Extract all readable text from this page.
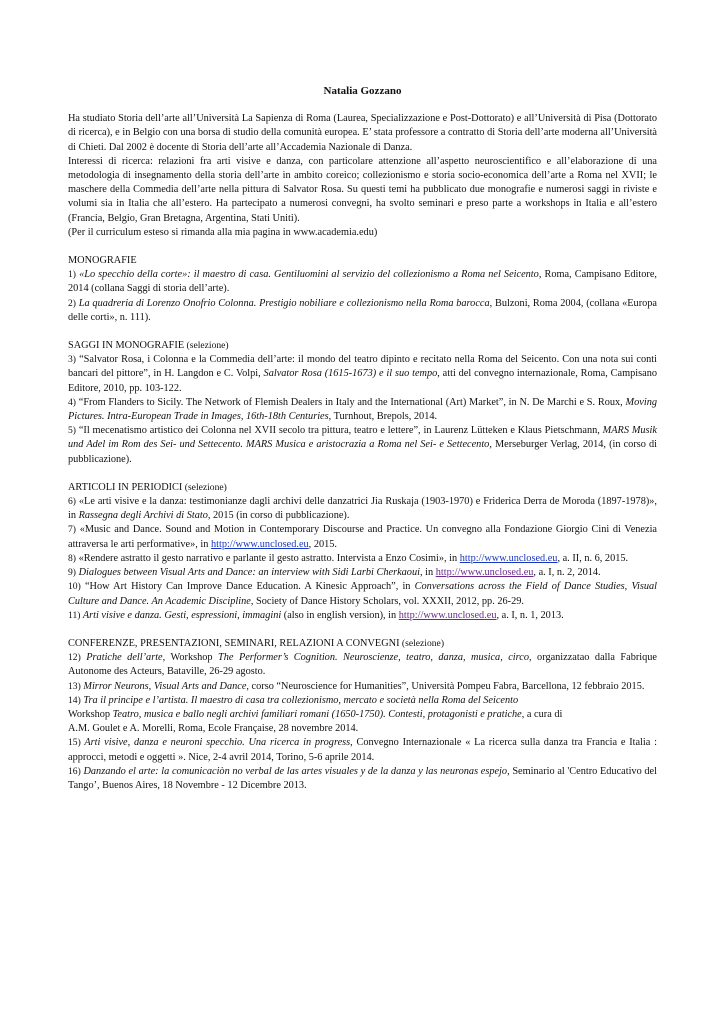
Natalia Gozzano

Ha studiato Storia dell’arte all’Università La Sapienza di Roma (Laurea, Specializzazione e Post-Dottorato) e all’Università di Pisa (Dottorato di ricerca), e in Belgio con una borsa di studio della comunità europea. E’ stata professore a contratto di Storia dell’arte moderna all’Università di Chieti. Dal 2002 è docente di Storia dell’arte all’Accademia Nazionale di Danza.

Interessi di ricerca: relazioni fra arti visive e danza, con particolare attenzione all’aspetto neuroscientifico e all’elaborazione di una metodologia di insegnamento della storia dell’arte in ambito coreico; collezionismo e storia socio-economica dell’arte a Roma nel XVII; le maschere della Commedia dell’arte nella pittura di Salvator Rosa. Su questi temi ha pubblicato due monografie e numerosi saggi in riviste e volumi sia in Italia che all’estero. Ha partecipato a numerosi convegni, ha svolto seminari e preso parte a workshops in Italia e all’estero (Francia, Belgio, Gran Bretagna, Argentina, Stati Uniti).

(Per il curriculum esteso si rimanda alla mia pagina in www.academia.edu)

MONOGRAFIE

1) «Lo specchio della corte»: il maestro di casa. Gentiluomini al servizio del collezionismo a Roma nel Seicento, Roma, Campisano Editore, 2014 (collana Saggi di storia dell’arte).

2) La quadreria di Lorenzo Onofrio Colonna. Prestigio nobiliare e collezionismo nella Roma barocca, Bulzoni, Roma 2004, (collana «Europa delle corti», n. 111).

SAGGI IN MONOGRAFIE (selezione)

3) “Salvator Rosa, i Colonna e la Commedia dell’arte: il mondo del teatro dipinto e recitato nella Roma del Seicento. Con una nota sui conti bancari del pittore”, in H. Langdon e C. Volpi, Salvator Rosa (1615-1673) e il suo tempo, atti del convegno internazionale, Roma, Campisano Editore, 2010, pp. 103-122.

4) “From Flanders to Sicily. The Network of Flemish Dealers in Italy and the International (Art) Market”, in N. De Marchi e S. Roux, Moving Pictures. Intra-European Trade in Images, 16th-18th Centuries, Turnhout, Brepols, 2014.

5) “Il mecenatismo artistico dei Colonna nel XVII secolo tra pittura, teatro e lettere”, in Laurenz Lütteken e Klaus Pietschmann, MARS Musik und Adel im Rom des Sei- und Settecento. MARS Musica e aristocrazia a Roma nel Sei- e Settecento, Merseburger Verlag, 2014, (in corso di pubblicazione).

ARTICOLI IN PERIODICI (selezione)

6) «Le arti visive e la danza: testimonianze dagli archivi delle danzatrici Jia Ruskaja (1903-1970) e Friderica Derra de Moroda (1897-1978)», in Rassegna degli Archivi di Stato, 2015 (in corso di pubblicazione).

7) «Music and Dance. Sound and Motion in Contemporary Discourse and Practice. Un convegno alla Fondazione Giorgio Cini di Venezia attraversa le arti performative», in http://www.unclosed.eu, 2015.

8) «Rendere astratto il gesto narrativo e parlante il gesto astratto. Intervista a Enzo Cosimi», in http://www.unclosed.eu, a. II, n. 6, 2015.

9) Dialogues between Visual Arts and Dance: an interview with Sidi Larbi Cherkaoui, in http://www.unclosed.eu, a. I, n. 2, 2014.

10) “How Art History Can Improve Dance Education. A Kinesic Approach”, in Conversations across the Field of Dance Studies, Visual Culture and Dance. An Academic Discipline, Society of Dance History Scholars, vol. XXXII, 2012, pp. 26-29.

11) Arti visive e danza. Gesti, espressioni, immagini (also in english version), in http://www.unclosed.eu, a. I, n. 1, 2013.

CONFERENZE, PRESENTAZIONI, SEMINARI, RELAZIONI A CONVEGNI (selezione)

12) Pratiche dell’arte, Workshop The Performer’s Cognition. Neuroscienze, teatro, danza, musica, circo, organizzataο dalla Fabrique Autonome des Acteurs, Bataville, 26-29 agosto.

13) Mirror Neurons, Visual Arts and Dance, corso “Neuroscience for Humanities”, Università Pompeu Fabra, Barcellona, 12 febbraio 2015.

14) Tra il principe e l’artista. Il maestro di casa tra collezionismo, mercato e società nella Roma del Seicento

Workshop Teatro, musica e ballo negli archivi familiari romani (1650-1750). Contesti, protagonisti e pratiche, a cura di

A.M. Goulet e A. Morelli, Roma, Ecole Française, 28 novembre 2014.

15) Arti visive, danza e neuroni specchio. Una ricerca in progress, Convegno Internazionale « La ricerca sulla danza tra Francia e Italia : approcci, metodi e oggetti ». Nice, 2-4 avril 2014, Torino, 5-6 aprile 2014.

16) Danzando el arte: la comunicaciòn no verbal de las artes visuales y de la danza y las neuronas espejo, Seminario al 'Centro Educativo del Tango’, Buenos Aires, 18 Novembre - 12 Dicembre 2013.
